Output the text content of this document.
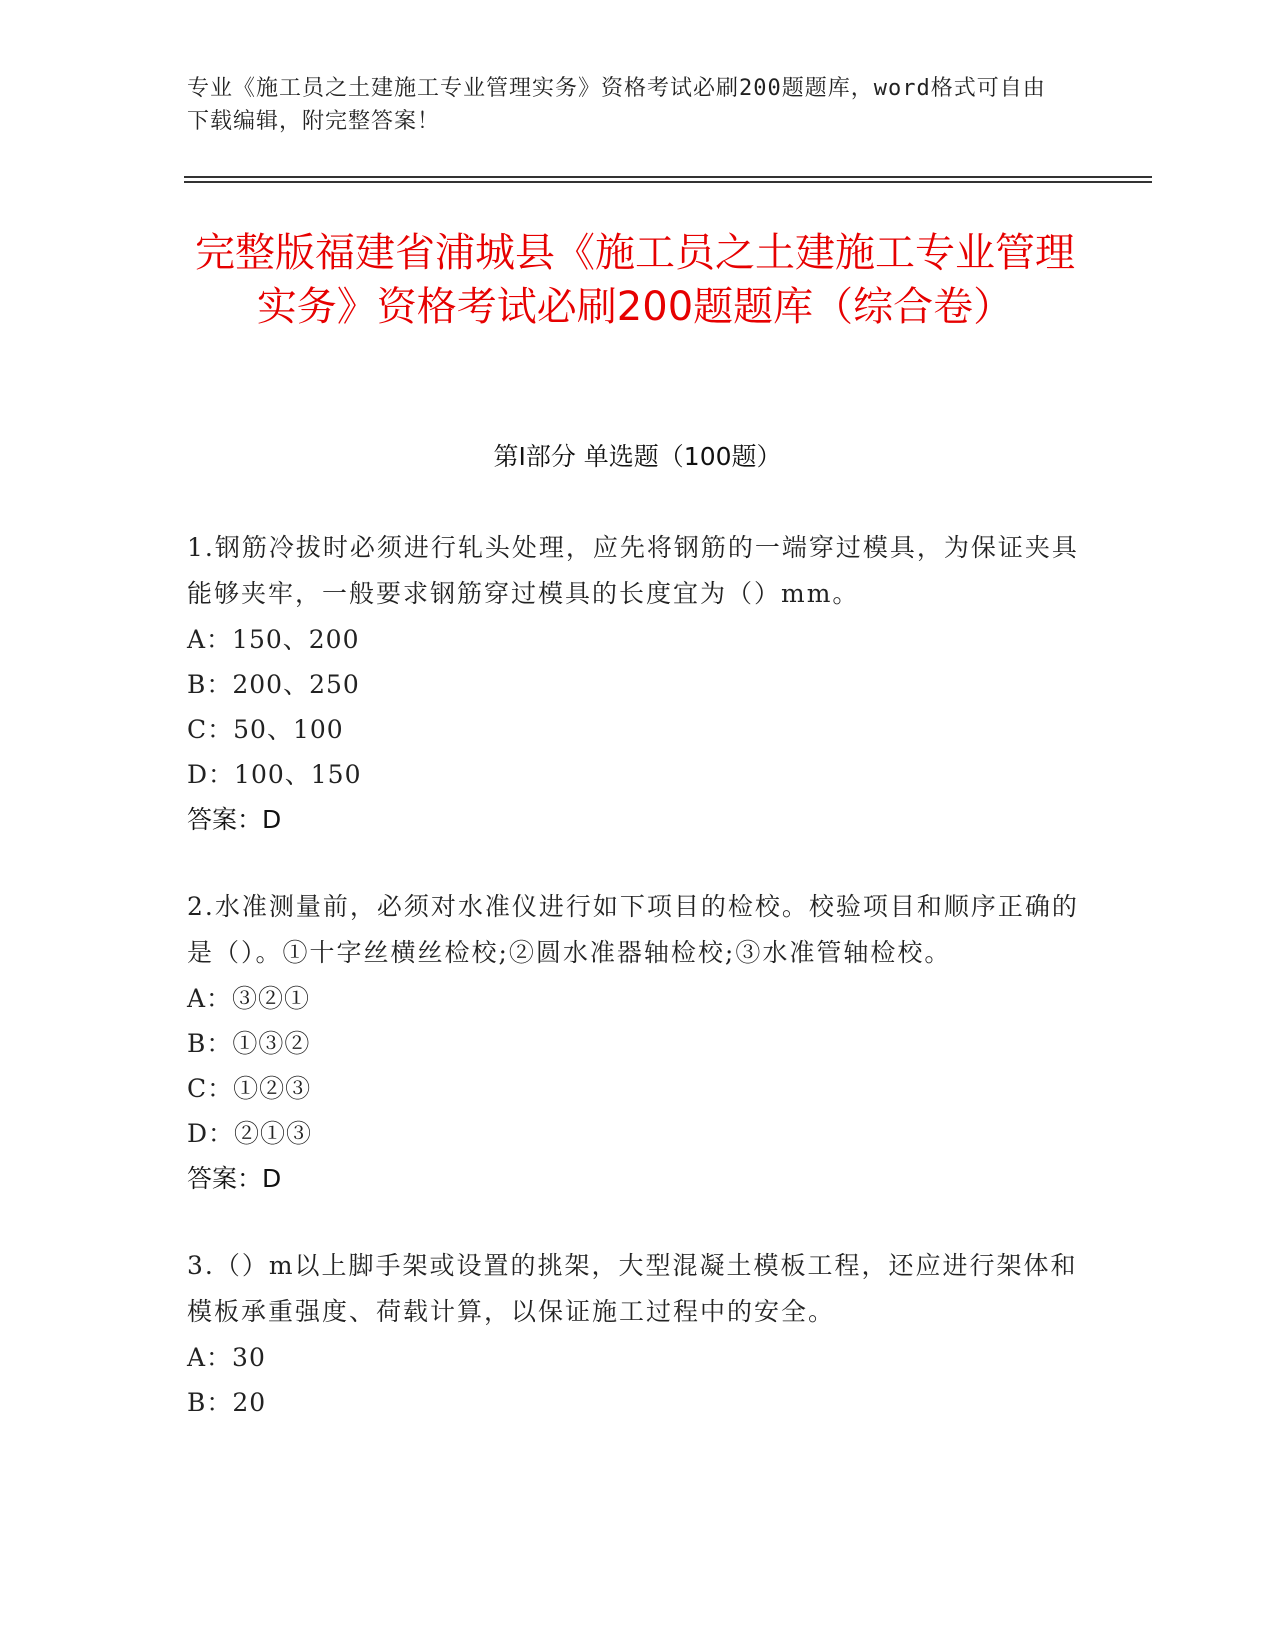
专业《施工员之土建施工专业管理实务》资格考试必刷200题题库，word格式可自由下载编辑，附完整答案！
完整版福建省浦城县《施工员之土建施工专业管理实务》资格考试必刷200题题库（综合卷）
第Ⅰ部分 单选题（100题）
1.钢筋冷拔时必须进行轧头处理，应先将钢筋的一端穿过模具，为保证夹具能够夹牢，一般要求钢筋穿过模具的长度宜为（）mm。
A：150、200
B：200、250
C：50、100
D：100、150
答案：D
2.水准测量前，必须对水准仪进行如下项目的检校。校验项目和顺序正确的是（）。①十字丝横丝检校;②圆水准器轴检校;③水准管轴检校。
A：③②①
B：①③②
C：①②③
D：②①③
答案：D
3.（）m以上脚手架或设置的挑架，大型混凝土模板工程，还应进行架体和模板承重强度、荷载计算，以保证施工过程中的安全。
A：30
B：20
